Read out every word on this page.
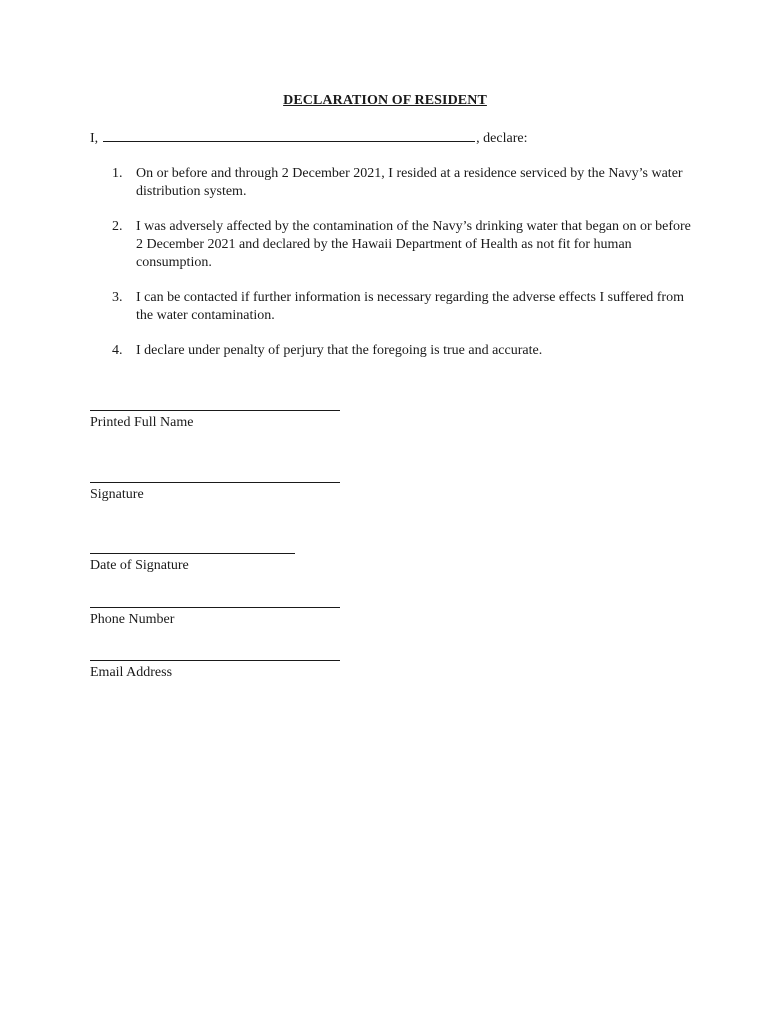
DECLARATION OF RESIDENT
I,	, declare:
1. On or before and through 2 December 2021, I resided at a residence serviced by the Navy’s water distribution system.
2. I was adversely affected by the contamination of the Navy’s drinking water that began on or before 2 December 2021 and declared by the Hawaii Department of Health as not fit for human consumption.
3. I can be contacted if further information is necessary regarding the adverse effects I suffered from the water contamination.
4. I declare under penalty of perjury that the foregoing is true and accurate.
Printed Full Name
Signature
Date of Signature
Phone Number
Email Address
